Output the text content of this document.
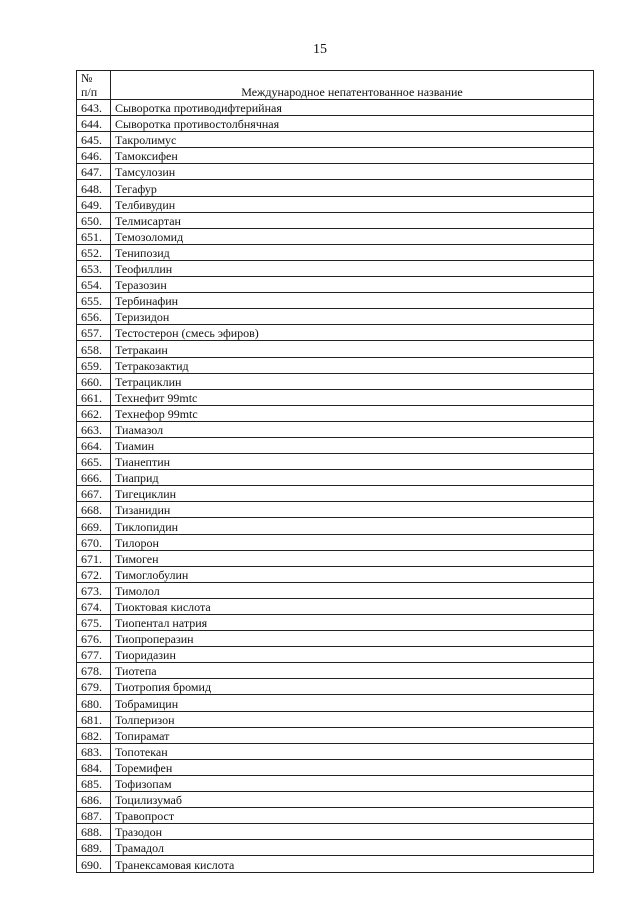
15
№
п/п	Международное непатентованное название
643.	Сыворотка противодифтерийная
644.	Сыворотка противостолбнячная
645.	Такролимус
646.	Тамоксифен
647.	Тамсулозин
648.	Тегафур
649.	Телбивудин
650.	Телмисартан
651.	Темозоломид
652.	Тенипозид
653.	Теофиллин
654.	Теразозин
655.	Тербинафин
656.	Теризидон
657.	Тестостерон (смесь эфиров)
658.	Тетракаин
659.	Тетракозактид
660.	Тетрациклин
661.	Технефит 99mtc
662.	Технефор 99mtc
663.	Тиамазол
664.	Тиамин
665.	Тианептин
666.	Тиаприд
667.	Тигециклин
668.	Тизанидин
669.	Тиклопидин
670.	Тилорон
671.	Тимоген
672.	Тимоглобулин
673.	Тимолол
674.	Тиоктовая кислота
675.	Тиопентал натрия
676.	Тиопроперазин
677.	Тиоридазин
678.	Тиотепа
679.	Тиотропия бромид
680.	Тобрамицин
681.	Толперизон
682.	Топирамат
683.	Топотекан
684.	Торемифен
685.	Тофизопам
686.	Тоцилизумаб
687.	Травопрост
688.	Тразодон
689.	Трамадол
690.	Транексамовая кислота
